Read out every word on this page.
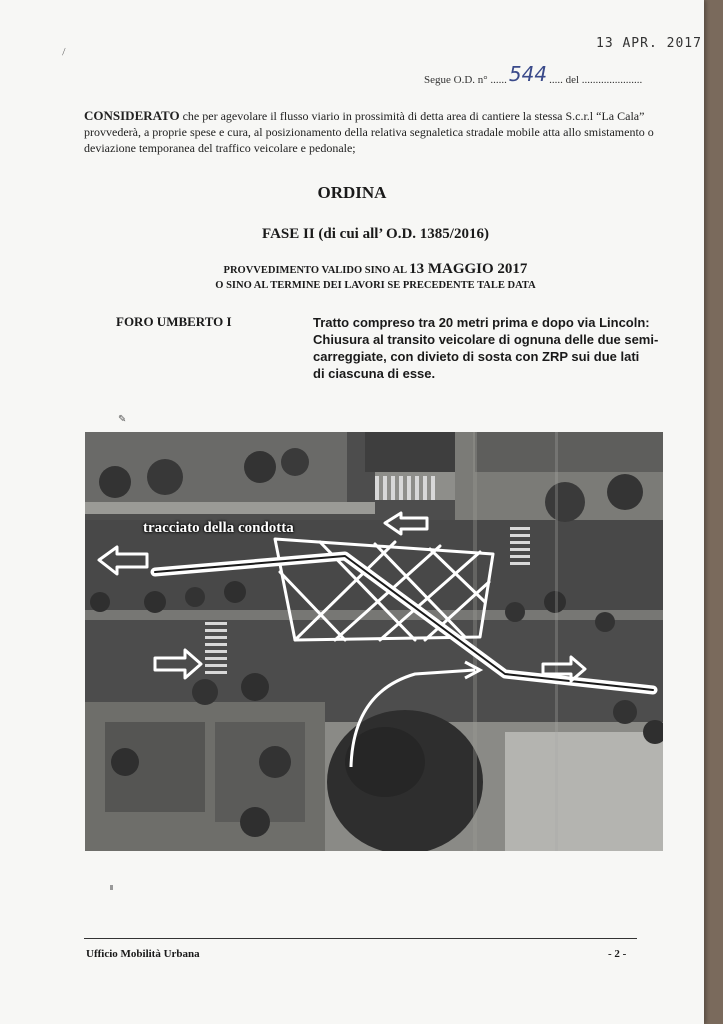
\
13 APR. 2017
Segue O.D. n° ...... 544 ..... del ......................
CONSIDERATO che per agevolare il flusso viario in prossimità di detta area di cantiere la stessa S.c.r.l “La Cala” provvederà, a proprie spese e cura, al posizionamento della relativa segnaletica stradale mobile atta allo smistamento o deviazione temporanea del traffico veicolare e pedonale;
ORDINA
FASE II (di cui all’ O.D. 1385/2016)
PROVVEDIMENTO VALIDO SINO AL 13 MAGGIO 2017
O SINO AL TERMINE DEI LAVORI SE PRECEDENTE TALE DATA
FORO UMBERTO I	Tratto compreso tra 20 metri prima e dopo via Lincoln:
Chiusura al transito veicolare di ognuna delle due semi-
carreggiate, con divieto di sosta con ZRP sui due lati
di ciascuna di esse.
✎
tracciato della condotta
Ufficio Mobilità Urbana	- 2 -
